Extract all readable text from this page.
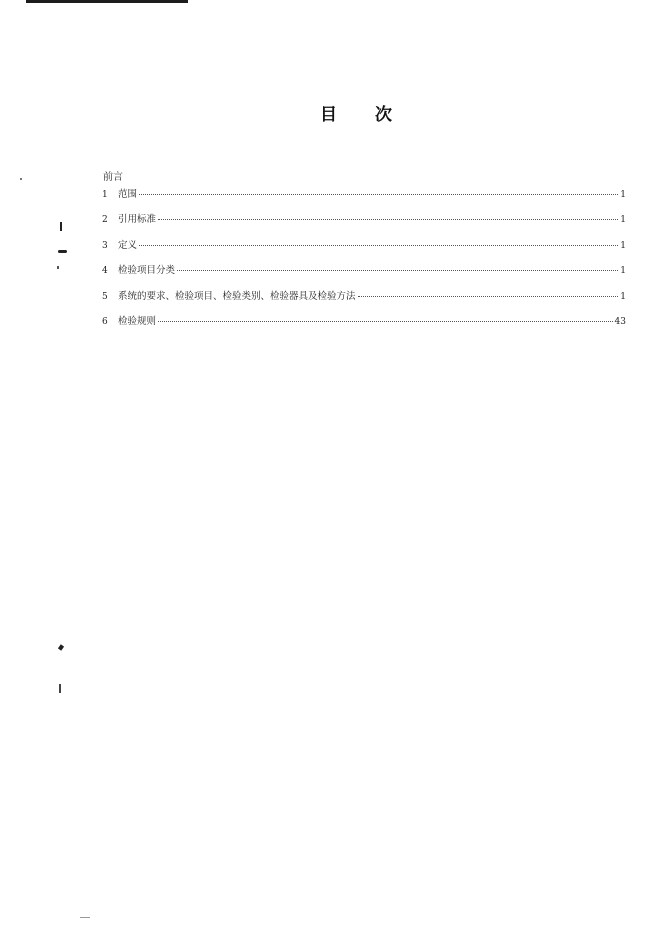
目 次
前言
1	范围	1
2	引用标准	1
3	定义	1
4	检验项目分类	1
5	系统的要求、检验项目、检验类别、检验器具及检验方法	1
6	检验规则	43
